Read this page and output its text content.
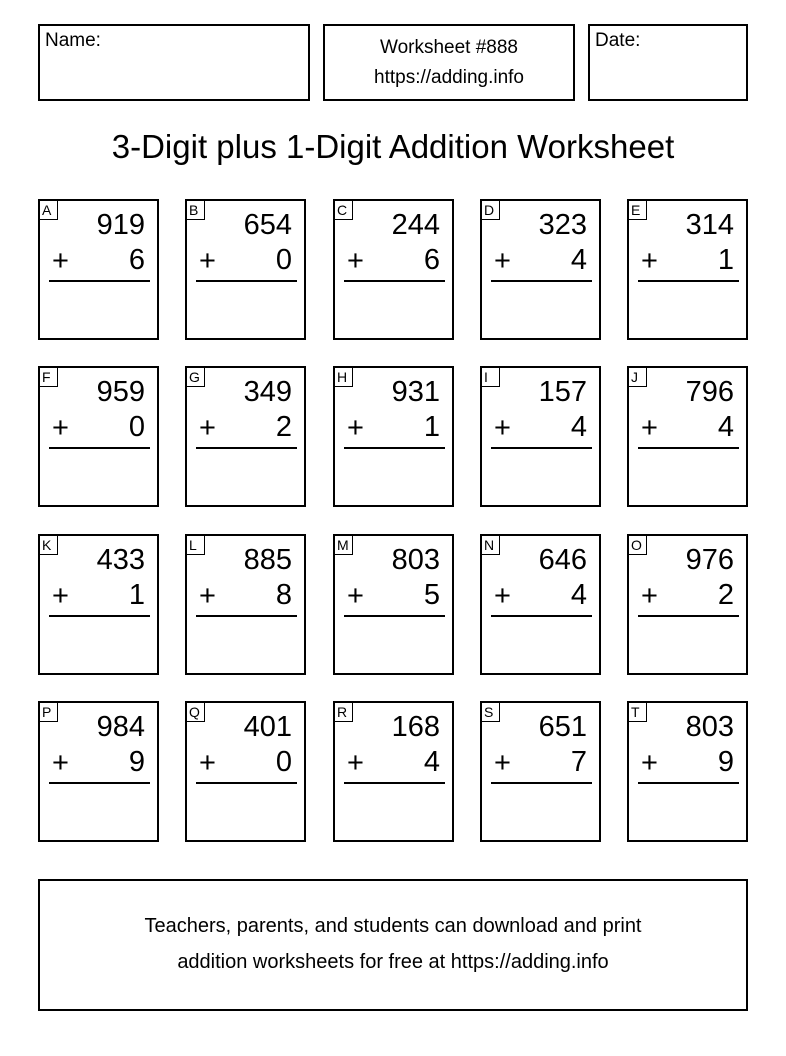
Name:	Worksheet #888
https://adding.info
Date:
3-Digit plus 1-Digit Addition Worksheet
A 919
+ 6
B 654
+ 0
C 244
+ 6
D 323
+ 4
E 314
+ 1
F 959
+ 0
G 349
+ 2
H 931
+ 1
I	157
+ 4
J	796
+ 4
K 433
+ 1
L 885
+ 8
M 803
+ 5
N 646
+ 4
O 976
+ 2
P 984
+ 9
Q 401
+ 0
R 168
+ 4
S 651
+ 7
T 803
+ 9
Teachers, parents, and students can download and print
addition worksheets for free at https://adding.info
